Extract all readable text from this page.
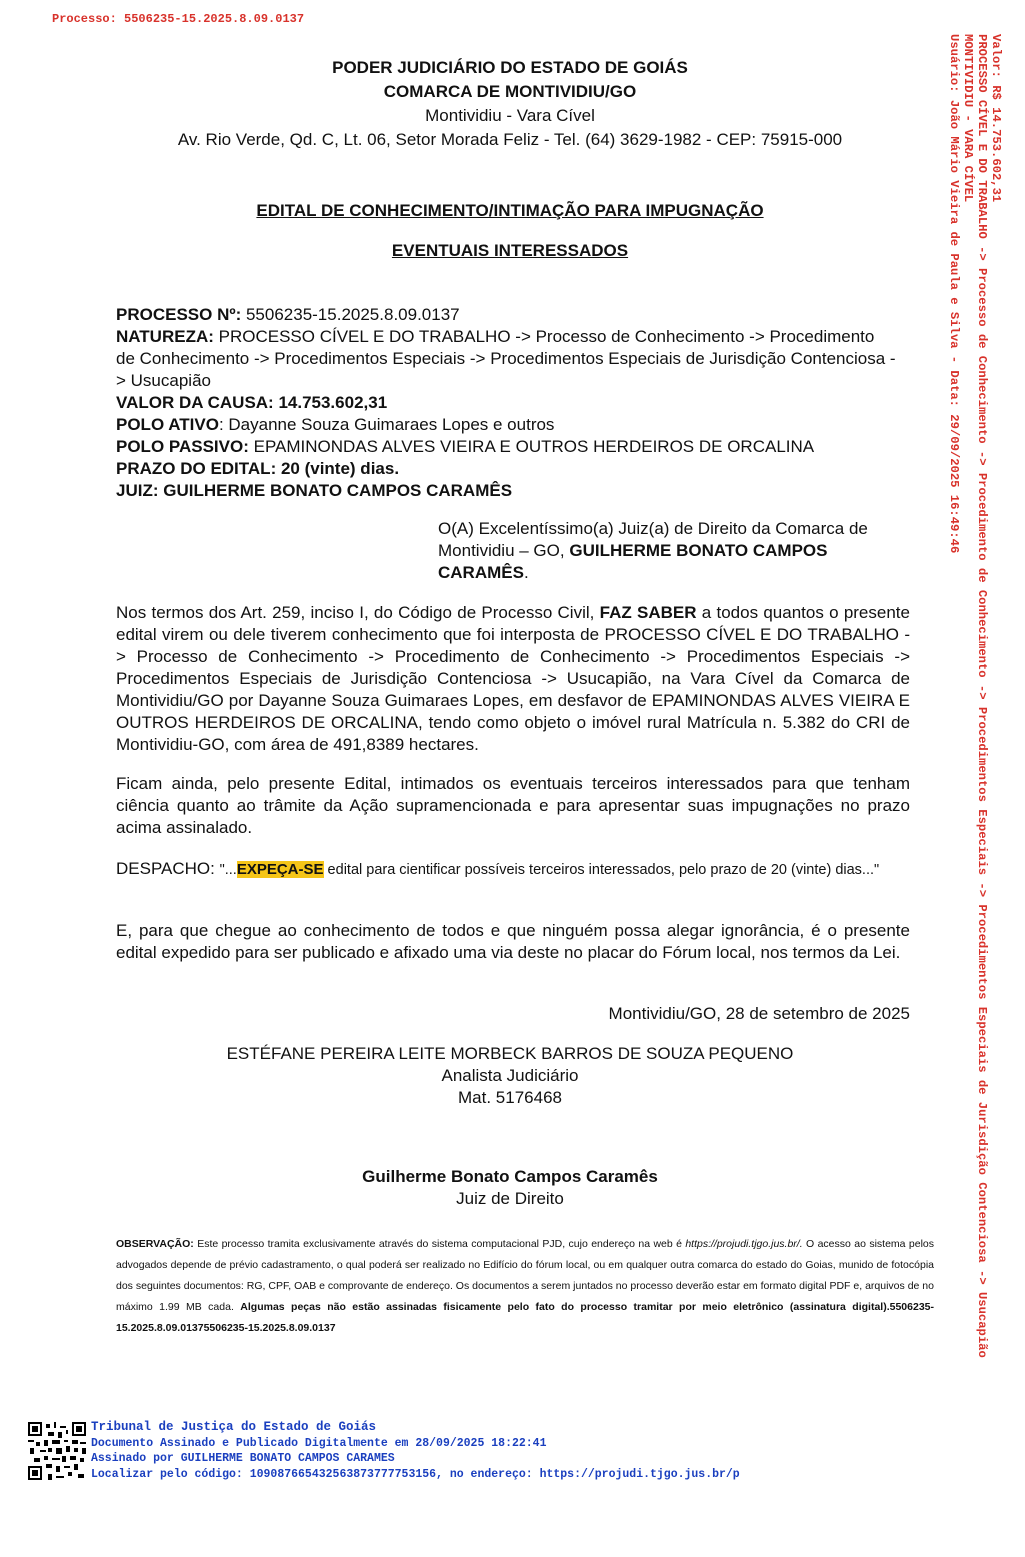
Processo: 5506235-15.2025.8.09.0137
PODER JUDICIÁRIO DO ESTADO DE GOIÁS
COMARCA DE MONTIVIDIU/GO
Montividiu - Vara Cível
Av. Rio Verde, Qd. C, Lt. 06, Setor Morada Feliz - Tel. (64) 3629-1982 - CEP: 75915-000
EDITAL DE CONHECIMENTO/INTIMAÇÃO PARA IMPUGNAÇÃO
EVENTUAIS INTERESSADOS
PROCESSO Nº: 5506235-15.2025.8.09.0137
NATUREZA: PROCESSO CÍVEL E DO TRABALHO -> Processo de Conhecimento -> Procedimento de Conhecimento -> Procedimentos Especiais -> Procedimentos Especiais de Jurisdição Contenciosa -> Usucapião
VALOR DA CAUSA: 14.753.602,31
POLO ATIVO: Dayanne Souza Guimaraes Lopes e outros
POLO PASSIVO: EPAMINONDAS ALVES VIEIRA E OUTROS HERDEIROS DE ORCALINA
PRAZO DO EDITAL: 20 (vinte) dias.
JUIZ: GUILHERME BONATO CAMPOS CARAMÊS
O(A) Excelentíssimo(a) Juiz(a) de Direito da Comarca de Montividiu – GO, GUILHERME BONATO CAMPOS CARAMÊS.
Nos termos dos Art. 259, inciso I, do Código de Processo Civil, FAZ SABER a todos quantos o presente edital virem ou dele tiverem conhecimento que foi interposta de PROCESSO CÍVEL E DO TRABALHO -> Processo de Conhecimento -> Procedimento de Conhecimento -> Procedimentos Especiais -> Procedimentos Especiais de Jurisdição Contenciosa -> Usucapião, na Vara Cível da Comarca de Montividiu/GO por Dayanne Souza Guimaraes Lopes, em desfavor de EPAMINONDAS ALVES VIEIRA E OUTROS HERDEIROS DE ORCALINA, tendo como objeto o imóvel rural Matrícula n. 5.382 do CRI de Montividiu-GO, com área de 491,8389 hectares.
Ficam ainda, pelo presente Edital, intimados os eventuais terceiros interessados para que tenham ciência quanto ao trâmite da Ação supramencionada e para apresentar suas impugnações no prazo acima assinalado.
DESPACHO: "...EXPEÇA-SE edital para cientificar possíveis terceiros interessados, pelo prazo de 20 (vinte) dias..."
E, para que chegue ao conhecimento de todos e que ninguém possa alegar ignorância, é o presente edital expedido para ser publicado e afixado uma via deste no placar do Fórum local, nos termos da Lei.
Montividiu/GO, 28 de setembro de 2025
ESTÉFANE PEREIRA LEITE MORBECK BARROS DE SOUZA PEQUENO
Analista Judiciário
Mat. 5176468
Guilherme Bonato Campos Caramês
Juiz de Direito
OBSERVAÇÃO: Este processo tramita exclusivamente através do sistema computacional PJD, cujo endereço na web é https://projudi.tjgo.jus.br/. O acesso ao sistema pelos advogados depende de prévio cadastramento, o qual poderá ser realizado no Edifício do fórum local, ou em qualquer outra comarca do estado do Goias, munido de fotocópia dos seguintes documentos: RG, CPF, OAB e comprovante de endereço. Os documentos a serem juntados no processo deverão estar em formato digital PDF e, arquivos de no máximo 1.99 MB cada. Algumas peças não estão assinadas fisicamente pelo fato do processo tramitar por meio eletrônico (assinatura digital).5506235-15.2025.8.09.01375506235-15.2025.8.09.0137
Tribunal de Justiça do Estado de Goiás
Documento Assinado e Publicado Digitalmente em 28/09/2025 18:22:41
Assinado por GUILHERME BONATO CAMPOS CARAMES
Localizar pelo código: 109087665432563873777753156, no endereço: https://projudi.tjgo.jus.br/p
Valor: R$ 14.753.602,31
PROCESSO CÍVEL E DO TRABALHO -> Processo de Conhecimento -> Procedimento de Conhecimento -> Procedimentos Especiais -> Procedimentos Especiais de Jurisdição Contenciosa -> Usucapião
MONTIVIDIU - VARA CÍVEL
Usuário: João Mário Vieira de Paula e Silva - Data: 29/09/2025 16:49:46
